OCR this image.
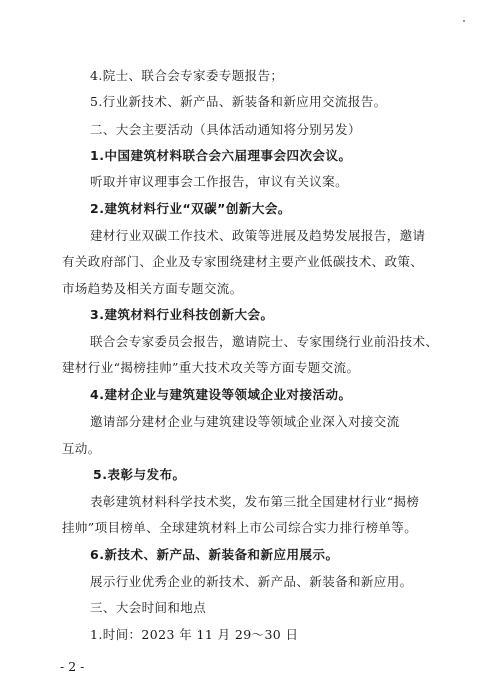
4.院士、联合会专家委专题报告；
5.行业新技术、新产品、新装备和新应用交流报告。
二、大会主要活动（具体活动通知将分别另发）
1.中国建筑材料联合会六届理事会四次会议。
听取并审议理事会工作报告，审议有关议案。
2.建筑材料行业“双碳”创新大会。
建材行业双碳工作技术、政策等进展及趋势发展报告，邀请
有关政府部门、企业及专家围绕建材主要产业低碳技术、政策、
市场趋势及相关方面专题交流。
3.建筑材料行业科技创新大会。
联合会专家委员会报告，邀请院士、专家围绕行业前沿技术、
建材行业“揭榜挂帅”重大技术攻关等方面专题交流。
4.建材企业与建筑建设等领域企业对接活动。
邀请部分建材企业与建筑建设等领域企业深入对接交流
互动。
5.表彰与发布。
表彰建筑材料科学技术奖，发布第三批全国建材行业“揭榜
挂帅”项目榜单、全球建筑材料上市公司综合实力排行榜单等。
6.新技术、新产品、新装备和新应用展示。
展示行业优秀企业的新技术、新产品、新装备和新应用。
三、大会时间和地点
1.时间：2023 年 11 月 29～30 日
- 2 -
